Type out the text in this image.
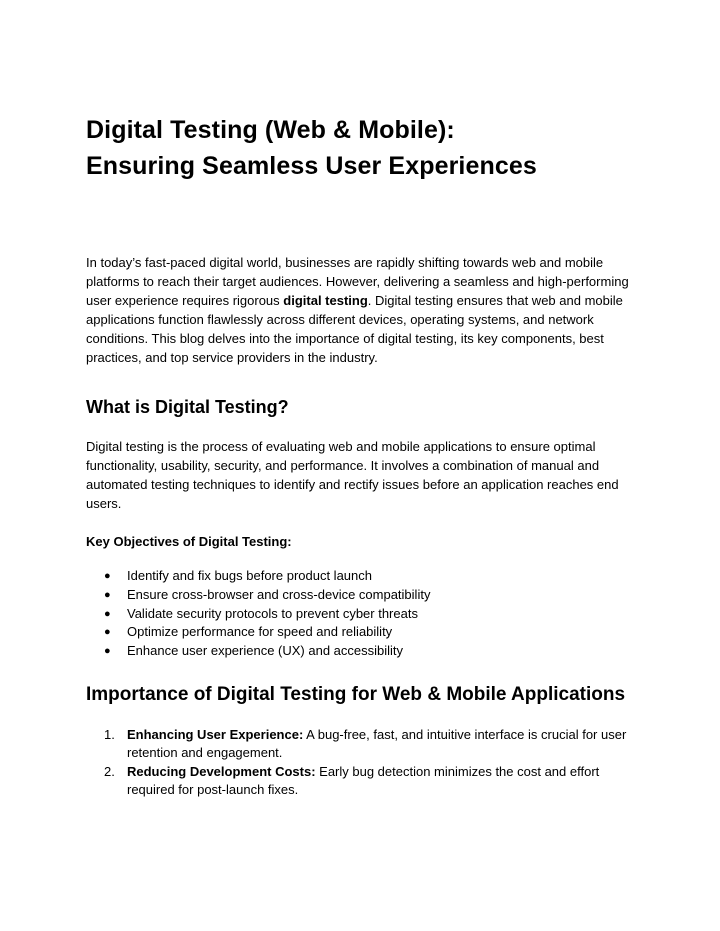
Digital Testing (Web & Mobile):
Ensuring Seamless User Experiences

In today’s fast-paced digital world, businesses are rapidly shifting towards web and mobile platforms to reach their target audiences. However, delivering a seamless and high-performing user experience requires rigorous digital testing. Digital testing ensures that web and mobile applications function flawlessly across different devices, operating systems, and network conditions. This blog delves into the importance of digital testing, its key components, best practices, and top service providers in the industry.

What is Digital Testing?

Digital testing is the process of evaluating web and mobile applications to ensure optimal functionality, usability, security, and performance. It involves a combination of manual and automated testing techniques to identify and rectify issues before an application reaches end users.

Key Objectives of Digital Testing:
● Identify and fix bugs before product launch
● Ensure cross-browser and cross-device compatibility
● Validate security protocols to prevent cyber threats
● Optimize performance for speed and reliability
● Enhance user experience (UX) and accessibility
Importance of Digital Testing for Web & Mobile Applications
1. Enhancing User Experience: A bug-free, fast, and intuitive interface is crucial for user retention and engagement.
2. Reducing Development Costs: Early bug detection minimizes the cost and effort required for post-launch fixes.
